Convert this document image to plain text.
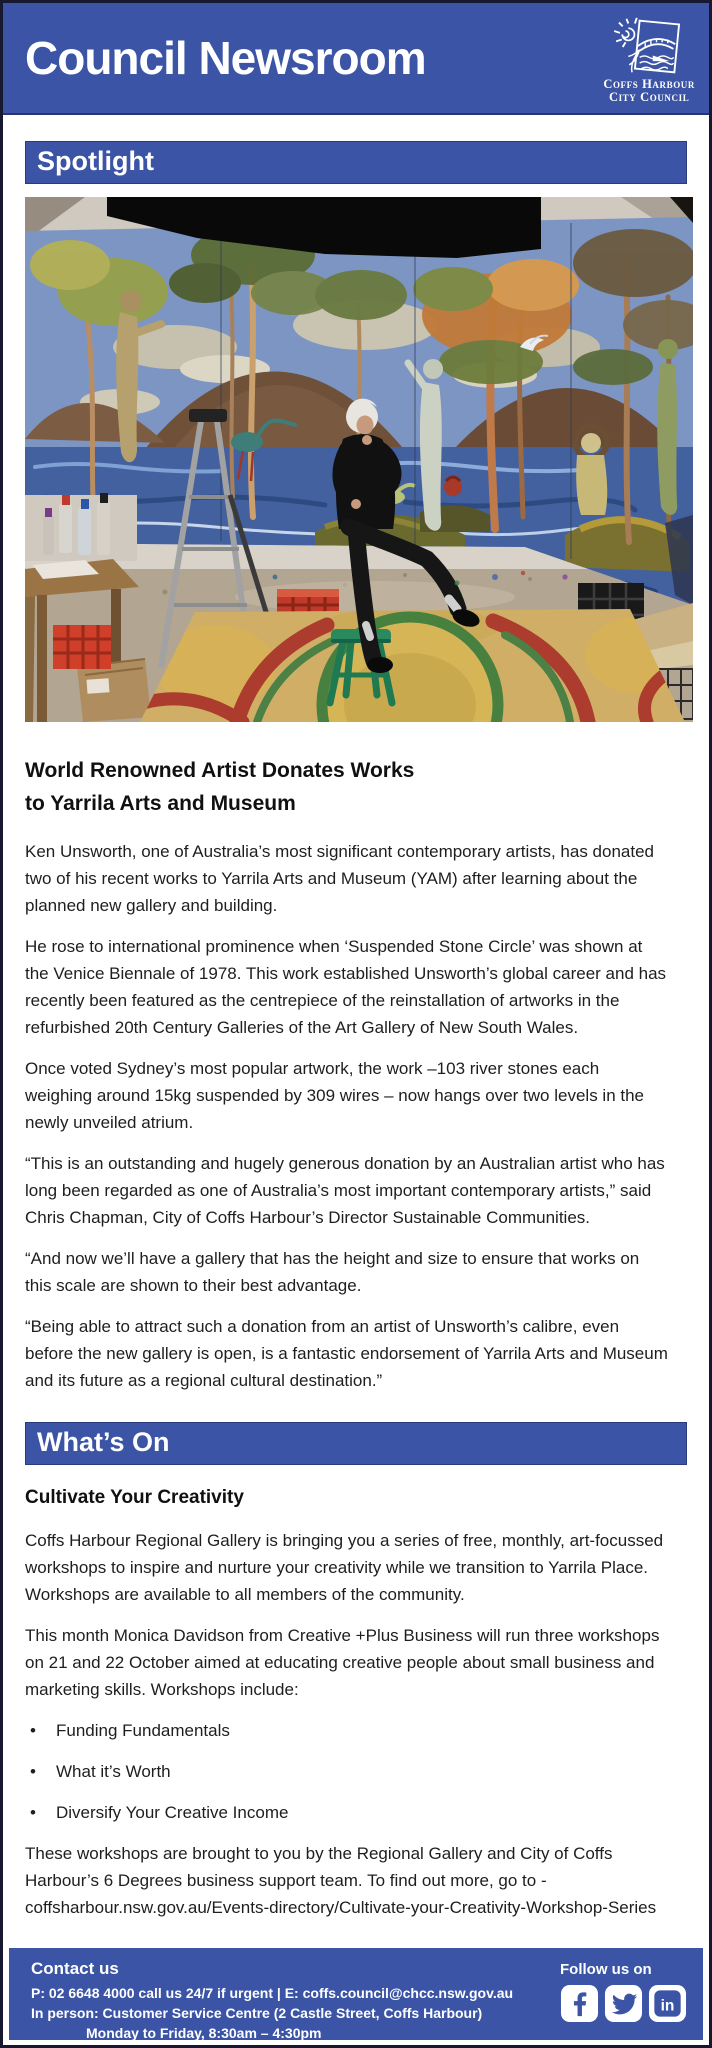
Council Newsroom	Coffs Harbour
City Council
Spotlight
World Renowned Artist Donates Works
to Yarrila Arts and Museum

Ken Unsworth, one of Australia’s most significant contemporary artists, has donated two of his recent works to Yarrila Arts and Museum (YAM) after learning about the planned new gallery and building.

He rose to international prominence when ‘Suspended Stone Circle’ was shown at the Venice Biennale of 1978. This work established Unsworth’s global career and has recently been featured as the centrepiece of the reinstallation of artworks in the refurbished 20th Century Galleries of the Art Gallery of New South Wales.

Once voted Sydney’s most popular artwork, the work –103 river stones each weighing around 15kg suspended by 309 wires – now hangs over two levels in the newly unveiled atrium.

“This is an outstanding and hugely generous donation by an Australian artist who has long been regarded as one of Australia’s most important contemporary artists,” said Chris Chapman, City of Coffs Harbour’s Director Sustainable Communities.

“And now we’ll have a gallery that has the height and size to ensure that works on this scale are shown to their best advantage.

“Being able to attract such a donation from an artist of Unsworth’s calibre, even before the new gallery is open, is a fantastic endorsement of Yarrila Arts and Museum and its future as a regional cultural destination.”

What’s On
Cultivate Your Creativity

Coffs Harbour Regional Gallery is bringing you a series of free, monthly, art-focussed workshops to inspire and nurture your creativity while we transition to Yarrila Place. Workshops are available to all members of the community.

This month Monica Davidson from Creative +Plus Business will run three workshops on 21 and 22 October aimed at educating creative people about small business and marketing skills. Workshops include:

•	Funding Fundamentals
•	What it’s Worth
•	Diversify Your Creative Income

These workshops are brought to you by the Regional Gallery and City of Coffs Harbour’s 6 Degrees business support team. To find out more, go to - coffsharbour.nsw.gov.au/Events-directory/Cultivate-your-Creativity-Workshop-Series

Contact us
P: 02 6648 4000 call us 24/7 if urgent | E: coffs.council@chcc.nsw.gov.au
In person: Customer Service Centre (2 Castle Street, Coffs Harbour)
Monday to Friday, 8:30am – 4:30pm
Follow us on
in
